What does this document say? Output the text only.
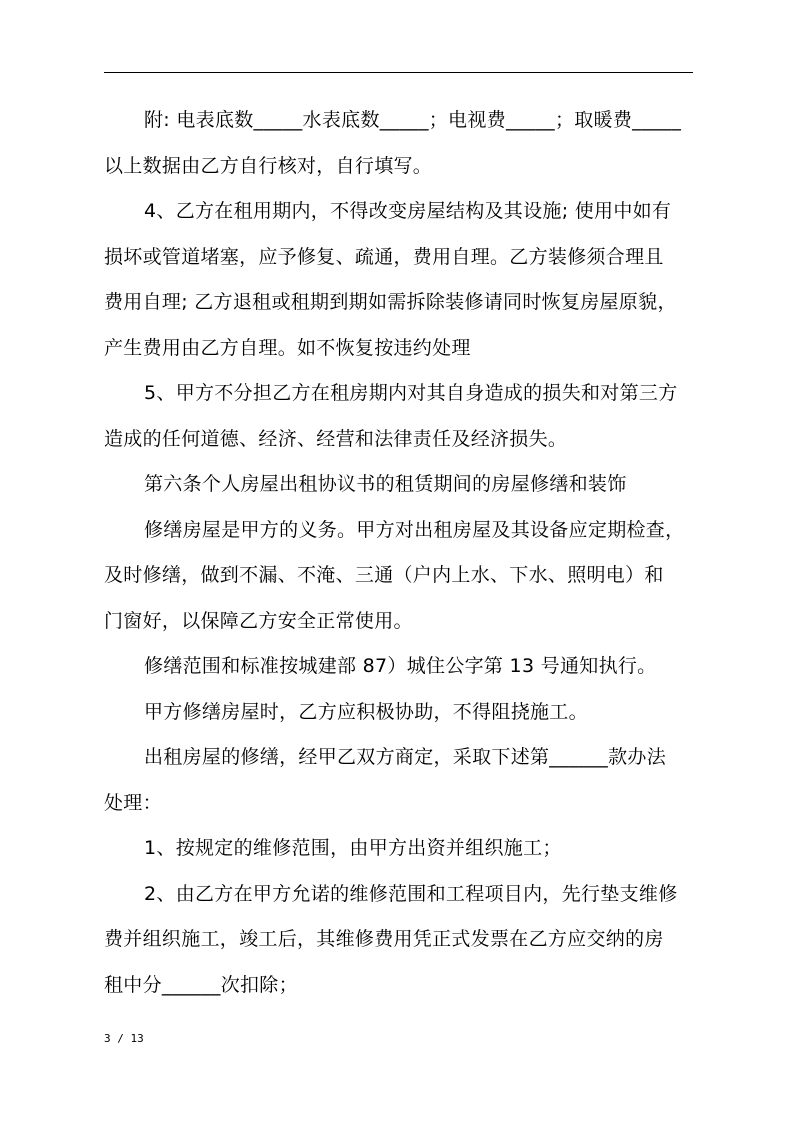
附: 电表底数_____水表底数_____；电视费_____；取暖费_____
以上数据由乙方自行核对，自行填写。
4、乙方在租用期内，不得改变房屋结构及其设施; 使用中如有
损坏或管道堵塞，应予修复、疏通，费用自理。乙方装修须合理且
费用自理; 乙方退租或租期到期如需拆除装修请同时恢复房屋原貌，
产生费用由乙方自理。如不恢复按违约处理
5、甲方不分担乙方在租房期内对其自身造成的损失和对第三方
造成的任何道德、经济、经营和法律责任及经济损失。
第六条个人房屋出租协议书的租赁期间的房屋修缮和装饰
修缮房屋是甲方的义务。甲方对出租房屋及其设备应定期检查，
及时修缮，做到不漏、不淹、三通（户内上水、下水、照明电）和
门窗好，以保障乙方安全正常使用。
修缮范围和标准按城建部 87）城住公字第 13 号通知执行。
甲方修缮房屋时，乙方应积极协助，不得阻挠施工。
出租房屋的修缮，经甲乙双方商定，采取下述第______款办法
处理：
1、按规定的维修范围，由甲方出资并组织施工；
2、由乙方在甲方允诺的维修范围和工程项目内，先行垫支维修
费并组织施工，竣工后，其维修费用凭正式发票在乙方应交纳的房
租中分______次扣除；
3 / 13
